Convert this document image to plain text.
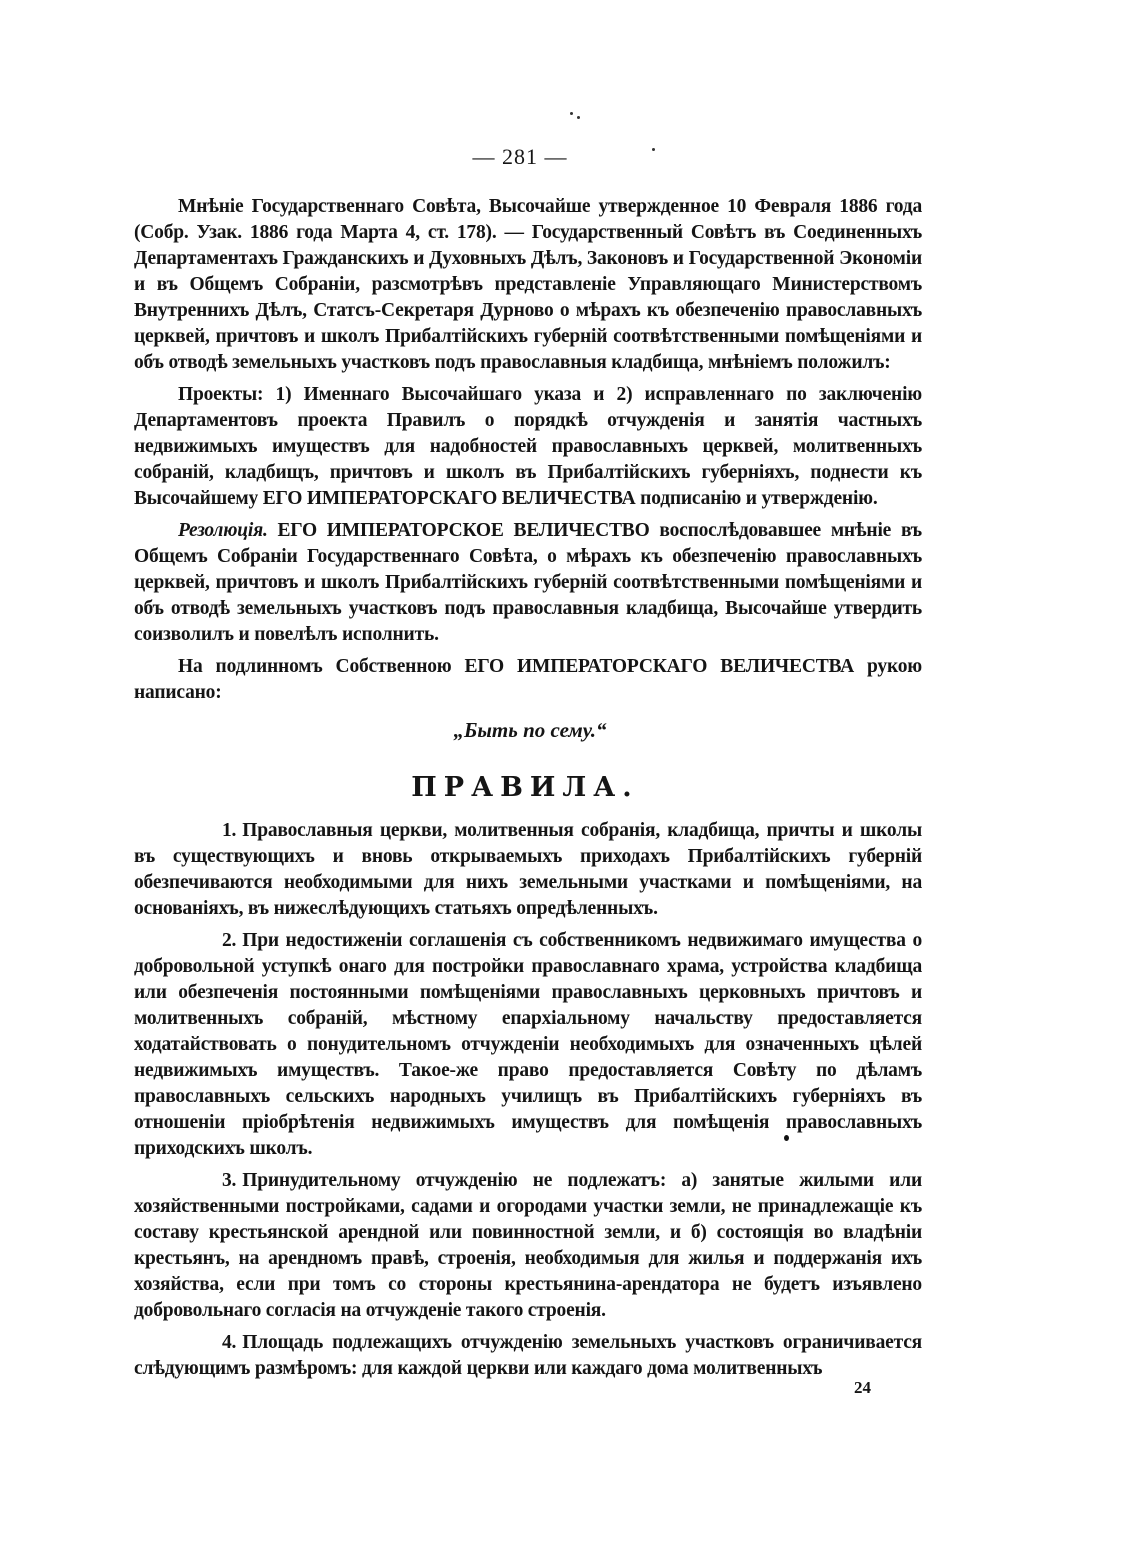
— 281 —

Мнѣніе Государственнаго Совѣта, Высочайше утвержденное 10 Февраля 1886 года (Собр. Узак. 1886 года Марта 4, ст. 178). — Государственный Совѣтъ въ Соединенныхъ Департаментахъ Гражданскихъ и Духовныхъ Дѣлъ, Законовъ и Государственной Экономіи и въ Общемъ Собраніи, разсмотрѣвъ представленіе Управляющаго Министерствомъ Внутреннихъ Дѣлъ, Статсъ-Секретаря Дурново о мѣрахъ къ обезпеченію православныхъ церквей, причтовъ и школъ Прибалтійскихъ губерній соотвѣтственными помѣщеніями и объ отводѣ земельныхъ участковъ подъ православныя кладбища, мнѣніемъ положилъ:

Проекты: 1) Именнаго Высочайшаго указа и 2) исправленнаго по заключенію Департаментовъ проекта Правилъ о порядкѣ отчужденія и занятія частныхъ недвижимыхъ имуществъ для надобностей православныхъ церквей, молитвенныхъ собраній, кладбищъ, причтовъ и школъ въ Прибалтійскихъ губерніяхъ, поднести къ Высочайшему ЕГО ИМПЕРАТОРСКАГО ВЕЛИЧЕСТВА подписанію и утвержденію.

Резолюція. ЕГО ИМПЕРАТОРСКОЕ ВЕЛИЧЕСТВО воспослѣдовавшее мнѣніе въ Общемъ Собраніи Государственнаго Совѣта, о мѣрахъ къ обезпеченію православныхъ церквей, причтовъ и школъ Прибалтійскихъ губерній соотвѣтственными помѣщеніями и объ отводѣ земельныхъ участковъ подъ православныя кладбища, Высочайше утвердить соизволилъ и повелѣлъ исполнить.

На подлинномъ Собственною ЕГО ИМПЕРАТОРСКАГО ВЕЛИЧЕСТВА рукою написано:

„Быть по сему.“
ПРАВИЛА.

1. Православныя церкви, молитвенныя собранія, кладбища, причты и школы въ существующихъ и вновь открываемыхъ приходахъ Прибалтійскихъ губерній обезпечиваются необходимыми для нихъ земельными участками и помѣщеніями, на основаніяхъ, въ нижеслѣдующихъ статьяхъ опредѣленныхъ.

2. При недостиженіи соглашенія съ собственникомъ недвижимаго имущества о добровольной уступкѣ онаго для постройки православнаго храма, устройства кладбища или обезпеченія постоянными помѣщеніями православныхъ церковныхъ причтовъ и молитвенныхъ собраній, мѣстному епархіальному начальству предоставляется ходатайствовать о понудительномъ отчужденіи необходимыхъ для означенныхъ цѣлей недвижимыхъ имуществъ. Такое-же право предоставляется Совѣту по дѣламъ православныхъ сельскихъ народныхъ училищъ въ Прибалтійскихъ губерніяхъ въ отношеніи пріобрѣтенія недвижимыхъ имуществъ для помѣщенія православныхъ приходскихъ школъ.

3. Принудительному отчужденію не подлежатъ: а) занятые жилыми или хозяйственными постройками, садами и огородами участки земли, не принадлежащіе къ составу крестьянской арендной или повинностной земли, и б) состоящія во владѣніи крестьянъ, на арендномъ правѣ, строенія, необходимыя для жилья и поддержанія ихъ хозяйства, если при томъ со стороны крестьянина-арендатора не будетъ изъявлено добровольнаго согласія на отчужденіе такого строенія.

4. Площадь подлежащихъ отчужденію земельныхъ участковъ ограничивается слѣдующимъ размѣромъ: для каждой церкви или каждаго дома молитвенныхъ

24
